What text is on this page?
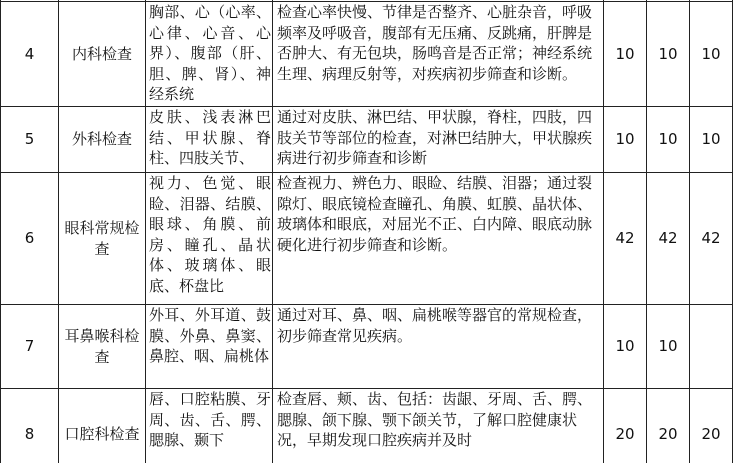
4	内科检查	胸部、心（心率、心律、心音、心界）、腹部（肝、胆、脾、肾）、神经系统	检查心率快慢、节律是否整齐、心脏杂音，呼吸频率及呼吸音，腹部有无压痛、反跳痛，肝脾是否肿大、有无包块，肠鸣音是否正常；神经系统生理、病理反射等，对疾病初步筛查和诊断。	10	10	10
5	外科检查	皮肤、浅表淋巴结、甲状腺、脊柱、四肢关节、	通过对皮肤、淋巴结、甲状腺，脊柱，四肢，四肢关节等部位的检查，对淋巴结肿大，甲状腺疾病进行初步筛查和诊断	10	10	10
6	眼科常规检查	视力、色觉、眼睑、泪器、结膜、眼球、角膜、前房、瞳孔、晶状体、玻璃体、眼底、杯盘比	检查视力、辨色力、眼睑、结膜、泪器；通过裂隙灯、眼底镜检查瞳孔、角膜、虹膜、晶状体、玻璃体和眼底，对屈光不正、白内障、眼底动脉硬化进行初步筛查和诊断。	42	42	42
7	耳鼻喉科检查	外耳、外耳道、鼓膜、外鼻、鼻窦、鼻腔、咽、扁桃体	通过对耳、鼻、咽、扁桃喉等器官的常规检查，初步筛查常见疾病。	10	10	
8	口腔科检查	唇、口腔粘膜、牙周、齿、舌、腭、腮腺、颞下	检查唇、颊、齿、包括：齿龈、牙周、舌、腭、腮腺、颌下腺、颚下颌关节，了解口腔健康状况，早期发现口腔疾病并及时	20	20	20
